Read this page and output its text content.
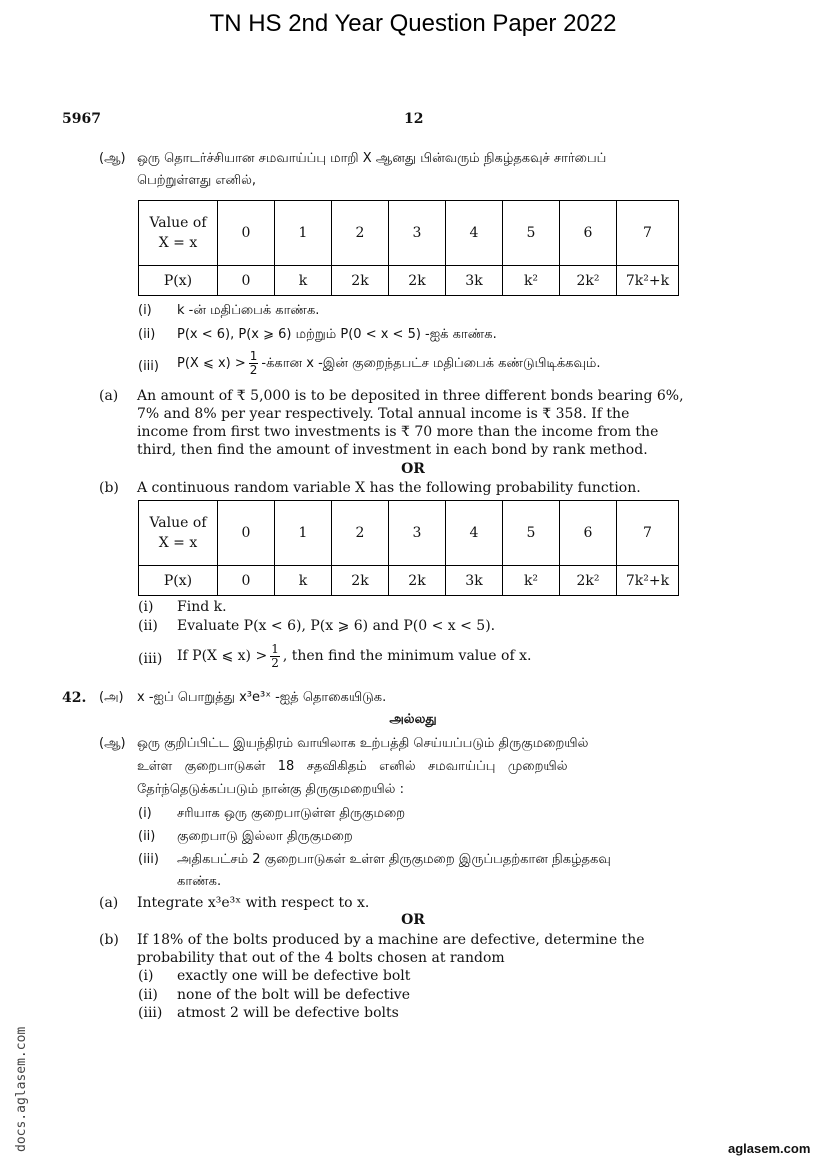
TN HS 2nd Year Question Paper 2022
5967	12
(ஆ) ஒரு தொடர்ச்சியான சமவாய்ப்பு மாறி X ஆனது பின்வரும் நிகழ்தகவுச் சார்பைப்
பெற்றுள்ளது எனில்,
Value of
X = x	0	1	2	3	4	5	6	7
P(x)	0	k	2k	2k	3k	k²	2k²	7k²+k
(i) k -ன் மதிப்பைக் காண்க.
(ii) P(x < 6), P(x ⩾ 6) மற்றும் P(0 < x < 5) -ஐக் காண்க.
(iii) P(X ⩽ $x) > \frac{1}{2}$ -க்கான x -இன் குறைந்தபட்ச மதிப்பைக் கண்டுபிடிக்கவும்.
(a) An amount of ₹ 5,000 is to be deposited in three different bonds bearing 6%,
7% and 8% per year respectively. Total annual income is ₹ 358. If the
income from first two investments is ₹ 70 more than the income from the
third, then find the amount of investment in each bond by rank method.
OR
(b) A continuous random variable X has the following probability function.
Value of
X = x	0	1	2	3	4	5	6	7
P(x)	0	k	2k	2k	3k	k²	2k²	7k²+k
(i) Find k.
(ii) Evaluate P(x < 6), P(x ⩾ 6) and P(0 < x < 5).
(iii) If P(X ⩽ $x) > \frac{1}{2}$ , then find the minimum value of x.
42. (அ) x -ஐப் பொறுத்து x³e³ˣ -ஐத் தொகையிடுக.
அல்லது
(ஆ) ஒரு குறிப்பிட்ட இயந்திரம் வாயிலாக உற்பத்தி செய்யப்படும் திருகுமறையில்
உள்ள   குறைபாடுகள்   18   சதவிகிதம்   எனில்   சமவாய்ப்பு   முறையில்
தேர்ந்தெடுக்கப்படும் நான்கு திருகுமறையில் :
(i) சரியாக ஒரு குறைபாடுள்ள திருகுமறை
(ii) குறைபாடு இல்லா திருகுமறை
(iii) அதிகபட்சம் 2 குறைபாடுகள் உள்ள திருகுமறை இருப்பதற்கான நிகழ்தகவு
காண்க.
(a) Integrate x³e³ˣ with respect to x.
OR
(b) If 18% of the bolts produced by a machine are defective, determine the
probability that out of the 4 bolts chosen at random
(i) exactly one will be defective bolt
(ii) none of the bolt will be defective
(iii) atmost 2 will be defective bolts
docs.aglasem.com	aglasem.com
